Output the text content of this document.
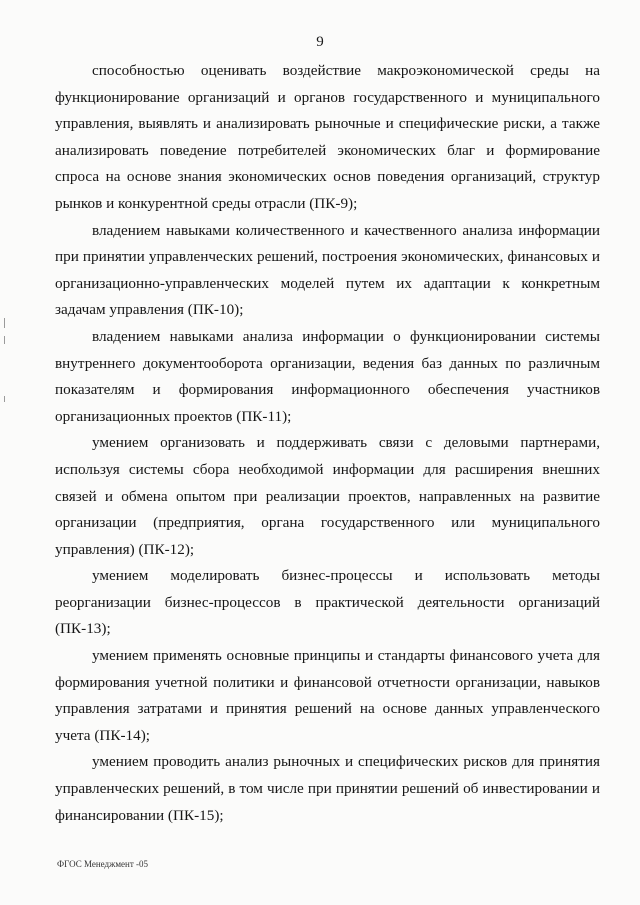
9

способностью оценивать воздействие макроэкономической среды на функционирование организаций и органов государственного и муниципального управления, выявлять и анализировать рыночные и специфические риски, а также анализировать поведение потребителей экономических благ и формирование спроса на основе знания экономических основ поведения организаций, структур рынков и конкурентной среды отрасли (ПК-9);

владением навыками количественного и качественного анализа информации при принятии управленческих решений, построения экономических, финансовых и организационно-управленческих моделей путем их адаптации к конкретным задачам управления (ПК-10);

владением навыками анализа информации о функционировании системы внутреннего документооборота организации, ведения баз данных по различным показателям и формирования информационного обеспечения участников организационных проектов (ПК-11);

умением организовать и поддерживать связи с деловыми партнерами, используя системы сбора необходимой информации для расширения внешних связей и обмена опытом при реализации проектов, направленных на развитие организации (предприятия, органа государственного или муниципального управления) (ПК-12);

умением моделировать бизнес-процессы и использовать методы реорганизации бизнес-процессов в практической деятельности организаций (ПК-13);

умением применять основные принципы и стандарты финансового учета для формирования учетной политики и финансовой отчетности организации, навыков управления затратами и принятия решений на основе данных управленческого учета (ПК-14);

умением проводить анализ рыночных и специфических рисков для принятия управленческих решений, в том числе при принятии решений об инвестировании и финансировании (ПК-15);

ФГОС Менеджмент -05
